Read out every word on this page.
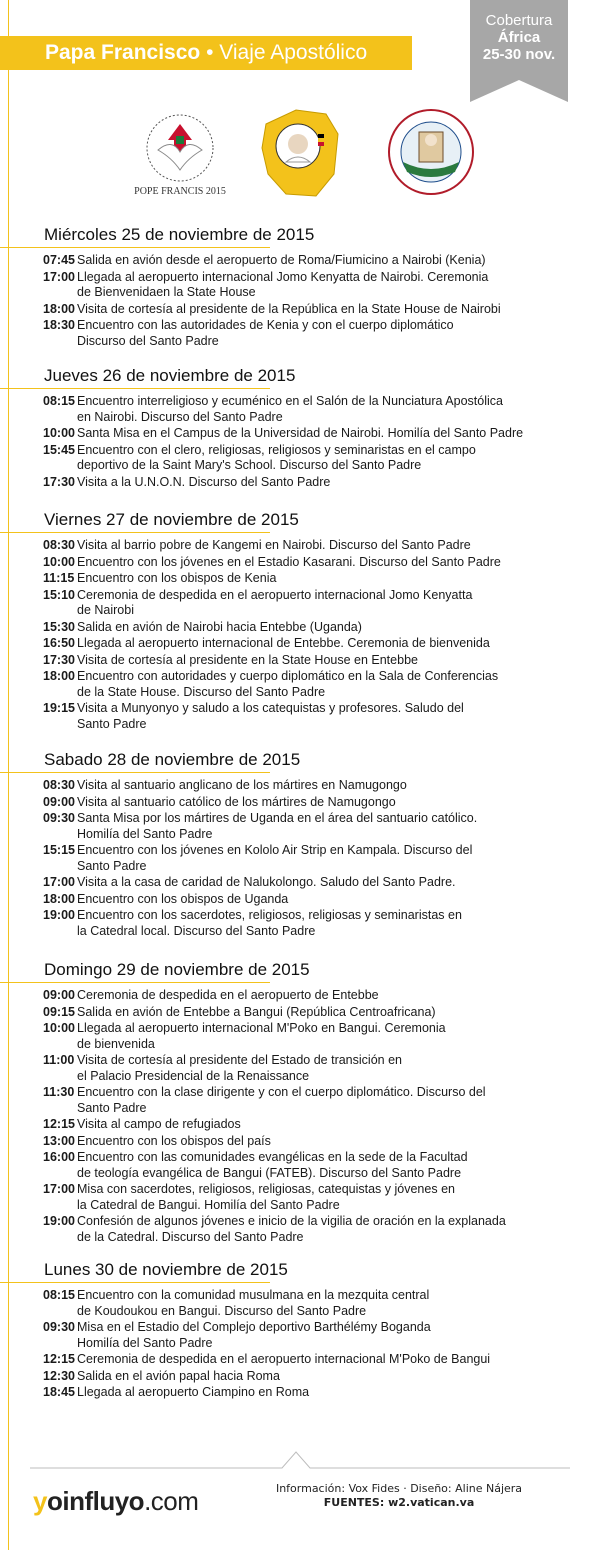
Papa Francisco • Viaje Apostólico
Cobertura
África
25-30 nov.
POPE FRANCIS 2015
Miércoles 25 de noviembre de 2015
07:45 Salida en avión desde el aeropuerto de Roma/Fiumicino a Nairobi (Kenia)
17:00 Llegada al aeropuerto internacional Jomo Kenyatta de Nairobi. Ceremonia
de Bienvenidaen la State House
18:00 Visita de cortesía al presidente de la República en la State House de Nairobi
18:30 Encuentro con las autoridades de Kenia y con el cuerpo diplomático
Discurso del Santo Padre
Jueves 26 de noviembre de 2015
08:15 Encuentro interreligioso y ecuménico en el Salón de la Nunciatura Apostólica
en Nairobi. Discurso del Santo Padre
10:00 Santa Misa en el Campus de la Universidad de Nairobi. Homilía del Santo Padre
15:45 Encuentro con el clero, religiosas, religiosos y seminaristas en el campo
deportivo de la Saint Mary's School. Discurso del Santo Padre
17:30 Visita a la U.N.O.N. Discurso del Santo Padre
Viernes 27 de noviembre de 2015
08:30 Visita al barrio pobre de Kangemi en Nairobi. Discurso del Santo Padre
10:00 Encuentro con los jóvenes en el Estadio Kasarani. Discurso del Santo Padre
11:15 Encuentro con los obispos de Kenia
15:10 Ceremonia de despedida en el aeropuerto internacional Jomo Kenyatta
de Nairobi
15:30 Salida en avión de Nairobi hacia Entebbe (Uganda)
16:50 Llegada al aeropuerto internacional de Entebbe. Ceremonia de bienvenida
17:30 Visita de cortesía al presidente en la State House en Entebbe
18:00 Encuentro con autoridades y cuerpo diplomático en la Sala de Conferencias
de la State House. Discurso del Santo Padre
19:15 Visita a Munyonyo y saludo a los catequistas y profesores. Saludo del
Santo Padre
Sabado 28 de noviembre de 2015
08:30 Visita al santuario anglicano de los mártires en Namugongo
09:00 Visita al santuario católico de los mártires de Namugongo
09:30 Santa Misa por los mártires de Uganda en el área del santuario católico.
Homilía del Santo Padre
15:15 Encuentro con los jóvenes en Kololo Air Strip en Kampala. Discurso del
Santo Padre
17:00 Visita a la casa de caridad de Nalukolongo. Saludo del Santo Padre.
18:00 Encuentro con los obispos de Uganda
19:00 Encuentro con los sacerdotes, religiosos, religiosas y seminaristas en
la Catedral local. Discurso del Santo Padre
Domingo 29 de noviembre de 2015
09:00 Ceremonia de despedida en el aeropuerto de Entebbe
09:15 Salida en avión de Entebbe a Bangui (República Centroafricana)
10:00 Llegada al aeropuerto internacional M'Poko en Bangui. Ceremonia
de bienvenida
11:00 Visita de cortesía al presidente del Estado de transición en
el Palacio Presidencial de la Renaissance
11:30 Encuentro con la clase dirigente y con el cuerpo diplomático. Discurso del
Santo Padre
12:15 Visita al campo de refugiados
13:00 Encuentro con los obispos del país
16:00 Encuentro con las comunidades evangélicas en la sede de la Facultad
de teología evangélica de Bangui (FATEB). Discurso del Santo Padre
17:00 Misa con sacerdotes, religiosos, religiosas, catequistas y jóvenes en
la Catedral de Bangui. Homilía del Santo Padre
19:00 Confesión de algunos jóvenes e inicio de la vigilia de oración en la explanada
de la Catedral. Discurso del Santo Padre
Lunes 30 de noviembre de 2015
08:15 Encuentro con la comunidad musulmana en la mezquita central
de Koudoukou en Bangui. Discurso del Santo Padre
09:30 Misa en el Estadio del Complejo deportivo Barthélémy Boganda
Homilía del Santo Padre
12:15 Ceremonia de despedida en el aeropuerto internacional M'Poko de Bangui
12:30 Salida en el avión papal hacia Roma
18:45 Llegada al aeropuerto Ciampino en Roma
yoinfluyo.com	Información: Vox Fides · Diseño: Aline Nájera
FUENTES: w2.vatican.va
